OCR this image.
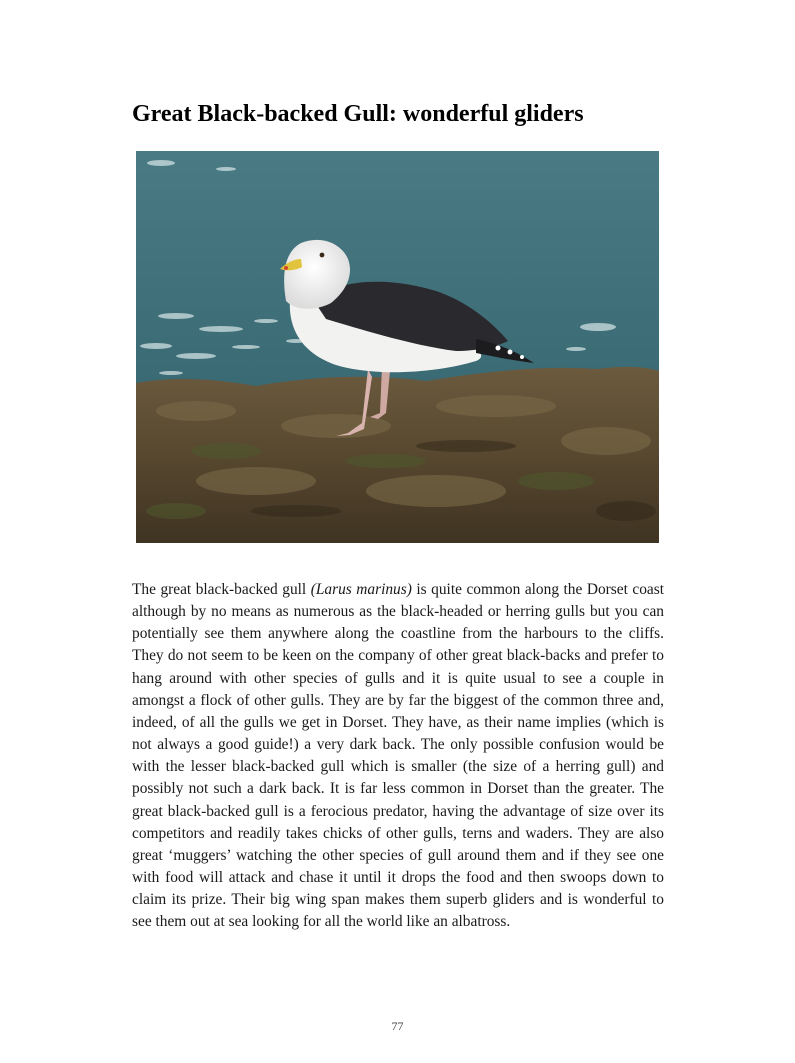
Great Black-backed Gull: wonderful gliders

The great black-backed gull (Larus marinus) is quite common along the Dorset coast although by no means as numerous as the black-headed or herring gulls but you can potentially see them anywhere along the coastline from the harbours to the cliffs. They do not seem to be keen on the company of other great black-backs and prefer to hang around with other species of gulls and it is quite usual to see a couple in amongst a flock of other gulls. They are by far the biggest of the common three and, indeed, of all the gulls we get in Dorset. They have, as their name implies (which is not always a good guide!) a very dark back. The only possible confusion would be with the lesser black-backed gull which is smaller (the size of a herring gull) and possibly not such a dark back. It is far less common in Dorset than the greater. The great black-backed gull is a ferocious predator, having the advantage of size over its competitors and readily takes chicks of other gulls, terns and waders. They are also great ‘muggers’ watching the other species of gull around them and if they see one with food will attack and chase it until it drops the food and then swoops down to claim its prize. Their big wing span makes them superb gliders and is wonderful to see them out at sea looking for all the world like an albatross.

77
